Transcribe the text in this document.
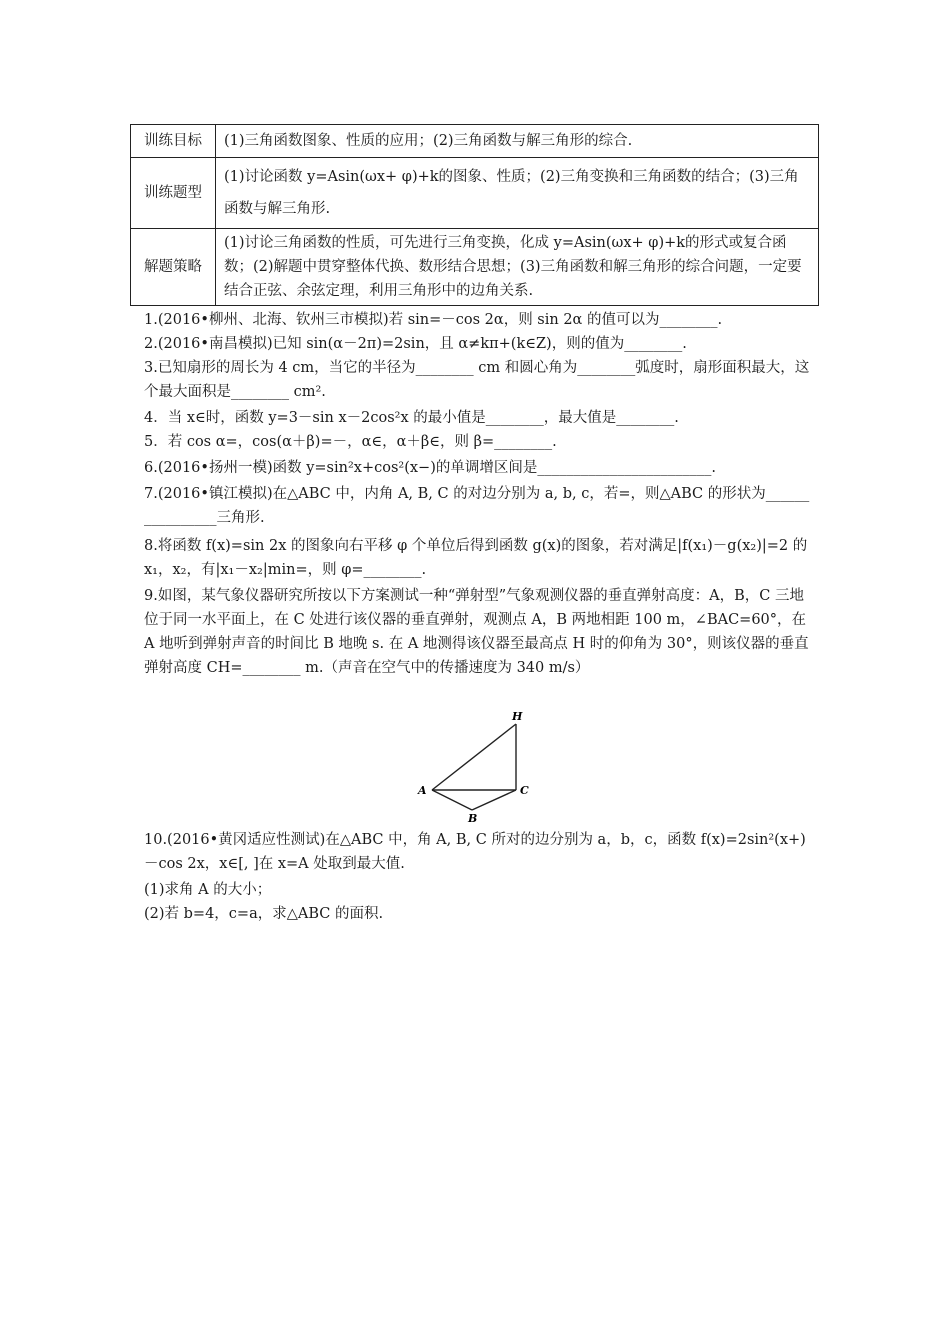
训练目标	(1)三角函数图象、性质的应用；(2)三角函数与解三角形的综合.
训练题型	(1)讨论函数 y=Asin(ωx+ φ)+k的图象、性质；(2)三角变换和三角函数的结合；(3)三角函数与解三角形.
解题策略	(1)讨论三角函数的性质，可先进行三角变换，化成 y=Asin(ωx+ φ)+k的形式或复合函数；(2)解题中贯穿整体代换、数形结合思想；(3)三角函数和解三角形的综合问题，一定要结合正弦、余弦定理，利用三角形中的边角关系.
1.(2016•柳州、北海、钦州三市模拟)若 sin=－cos 2α，则 sin 2α 的值可以为________.
2.(2016•南昌模拟)已知 sin(α－2π)=2sin，且 α≠kπ+(k∈Z)，则的值为________.
3.已知扇形的周长为 4 cm，当它的半径为________ cm 和圆心角为________弧度时，扇形面积最大，这个最大面积是________ cm².
4．当 x∈时，函数 y=3－sin x－2cos²x 的最小值是________，最大值是________.
5．若 cos α=，cos(α＋β)=－，α∈，α＋β∈，则 β=________.
6.(2016•扬州一模)函数 y=sin²x+cos²(x−)的单调增区间是________________________.
7.(2016•镇江模拟)在△ABC 中，内角 A, B, C 的对边分别为 a, b, c，若=，则△ABC 的形状为________________三角形.
8.将函数 f(x)=sin 2x 的图象向右平移 φ 个单位后得到函数 g(x)的图象，若对满足|f(x₁)－g(x₂)|=2 的 x₁，x₂，有|x₁－x₂|min=，则 φ=________.
9.如图，某气象仪器研究所按以下方案测试一种“弹射型”气象观测仪器的垂直弹射高度：A，B，C 三地位于同一水平面上，在 C 处进行该仪器的垂直弹射，观测点 A，B 两地相距 100 m，∠BAC=60°，在 A 地听到弹射声音的时间比 B 地晚 s. 在 A 地测得该仪器至最高点 H 时的仰角为 30°，则该仪器的垂直弹射高度 CH=________ m.（声音在空气中的传播速度为 340 m/s）
H
A
B
C
10.(2016•黄冈适应性测试)在△ABC 中，角 A, B, C 所对的边分别为 a，b，c，函数 f(x)=2sin²(x+)－cos 2x，x∈[, ]在 x=A 处取到最大值.
(1)求角 A 的大小；
(2)若 b=4，c=a，求△ABC 的面积.
